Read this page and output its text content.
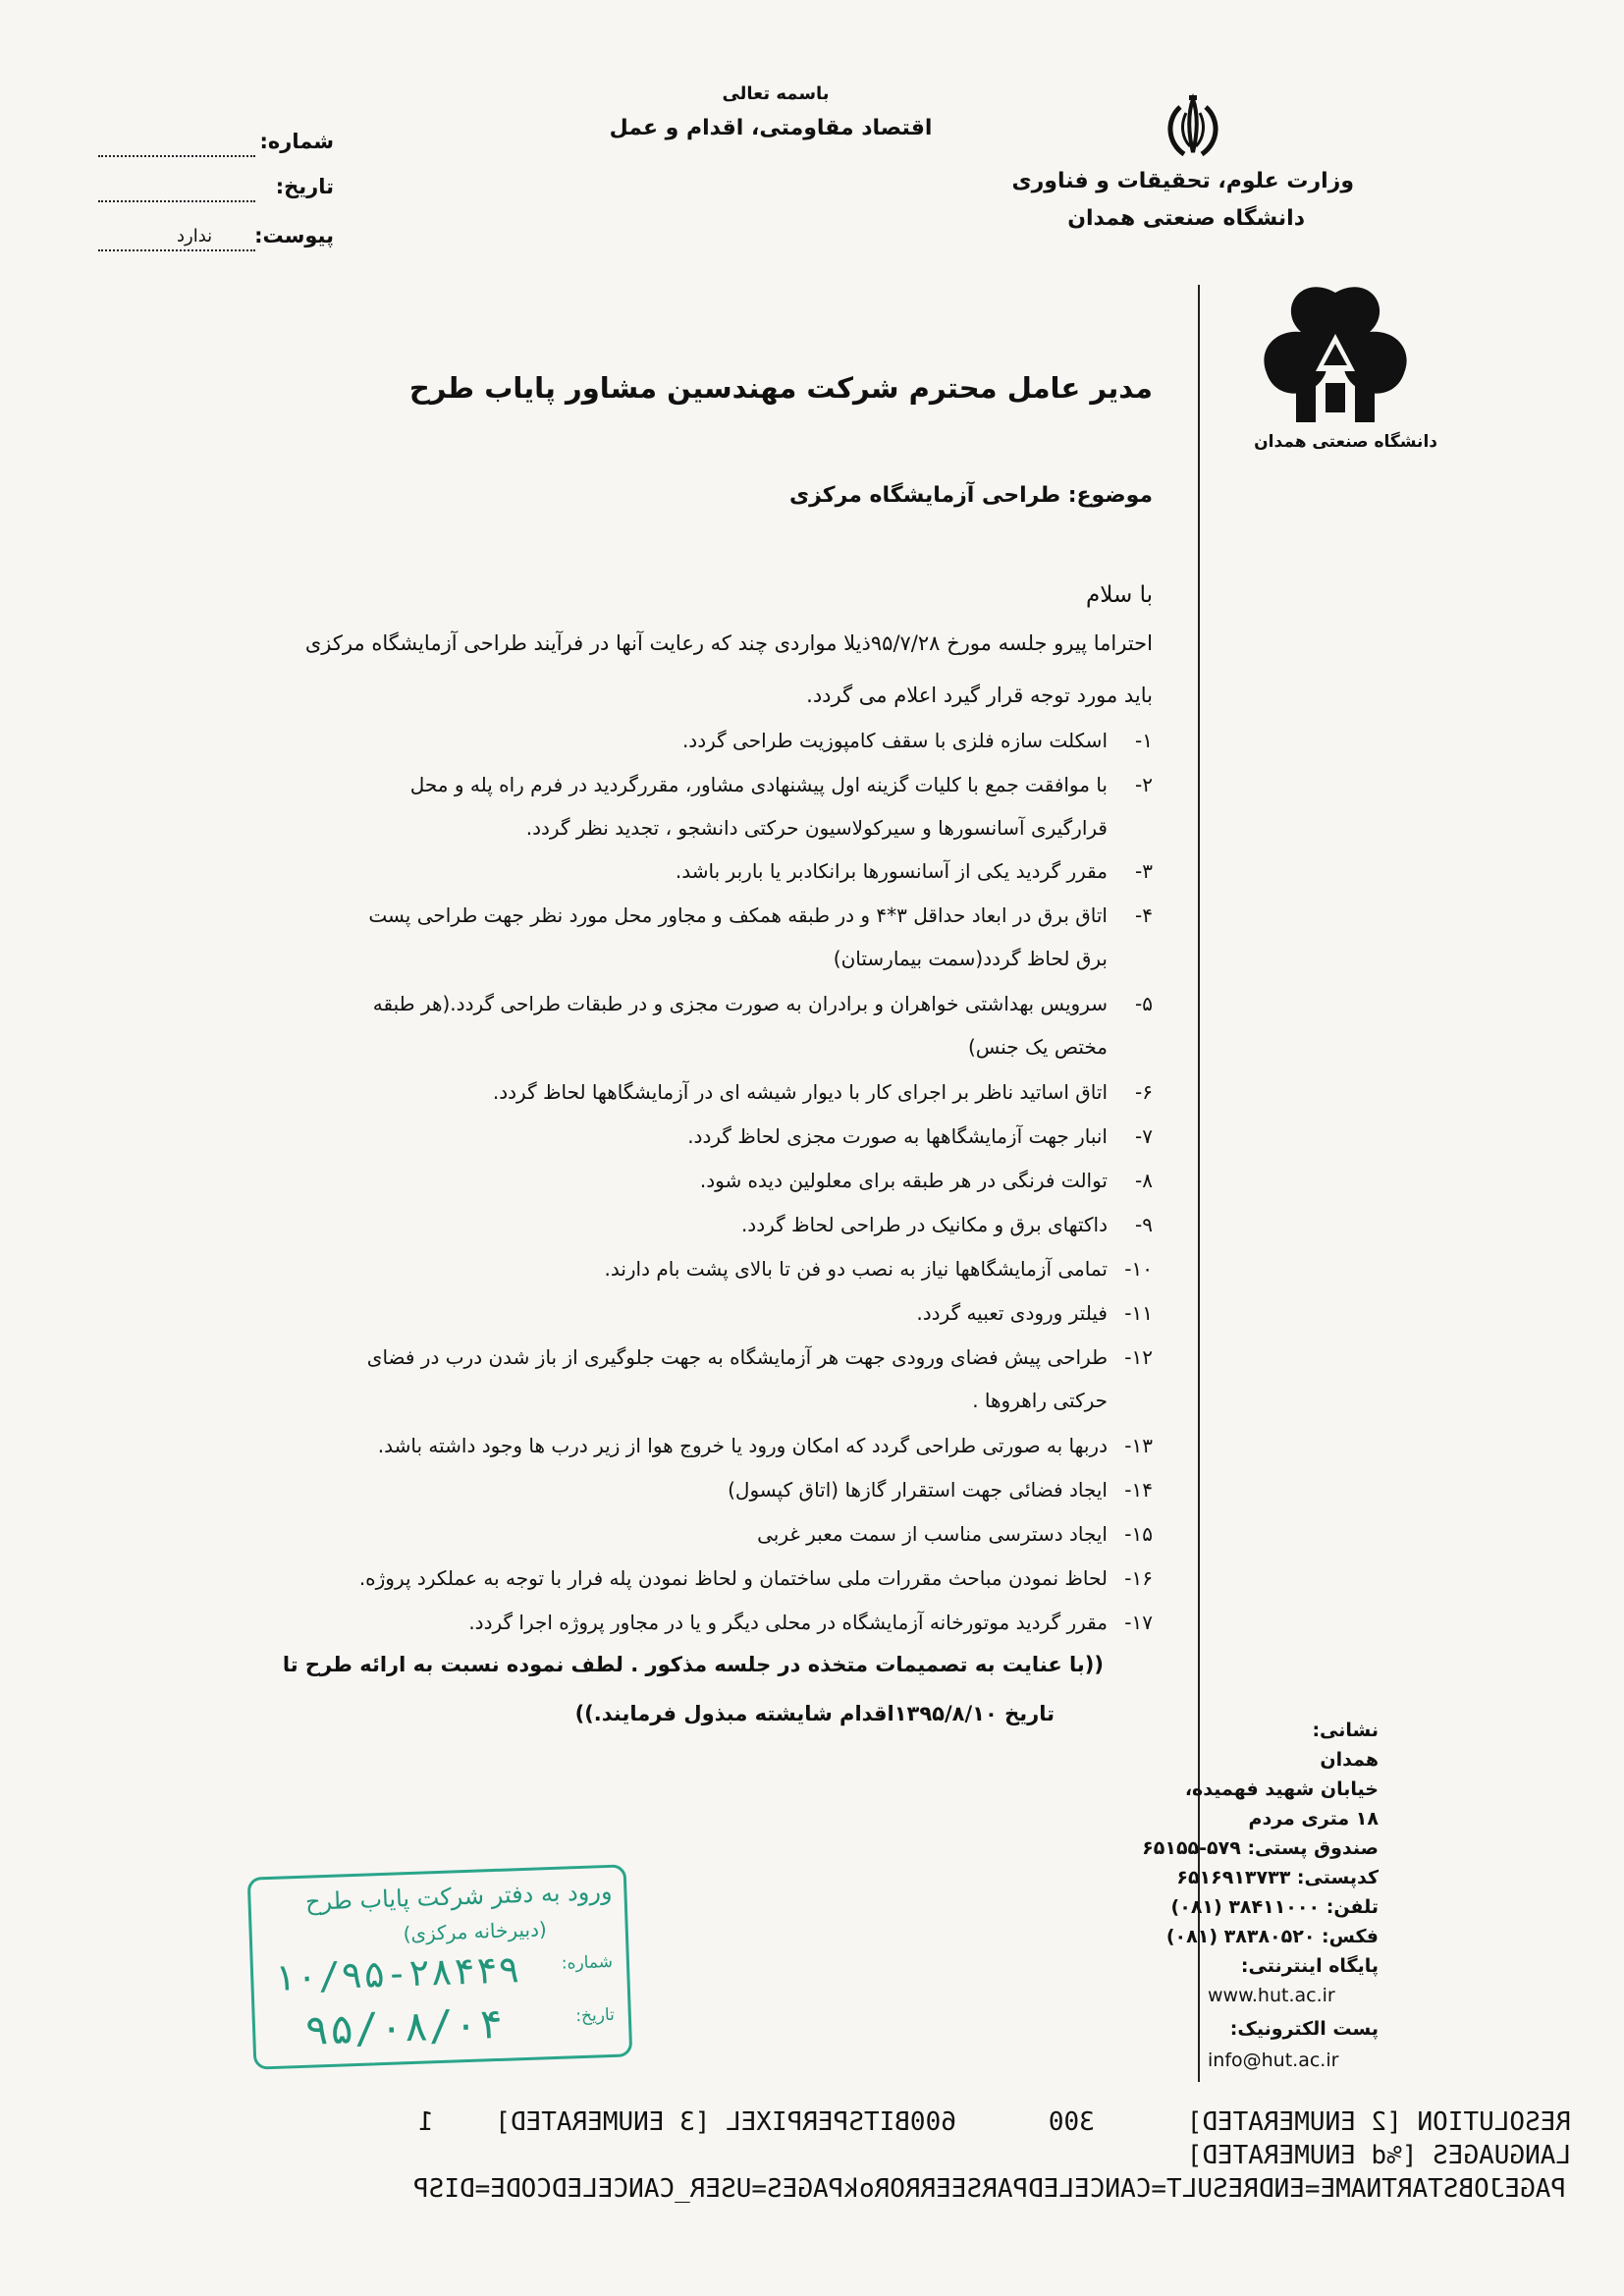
باسمه تعالی
اقتصاد مقاومتی، اقدام و عمل
وزارت علوم، تحقیقات و فناوری
دانشگاه صنعتی همدان
شماره:
تاریخ:
پیوست:
ندارد
دانشگاه صنعتی همدان
مدیر عامل محترم شرکت مهندسین مشاور پایاب طرح
موضوع: طراحی آزمایشگاه مرکزی
با سلام
احتراما پیرو جلسه مورخ ۹۵/۷/۲۸ذیلا مواردی چند که رعایت آنها در فرآیند طراحی آزمایشگاه مرکزی
باید مورد توجه قرار گیرد اعلام می گردد.
۱-اسکلت سازه فلزی با سقف کامپوزیت طراحی گردد.
۲-با موافقت جمع با کلیات گزینه اول پیشنهادی مشاور، مقررگردید در فرم راه پله و محل
قرارگیری آسانسورها و سیرکولاسیون حرکتی دانشجو ، تجدید نظر گردد.
۳-مقرر گردید یکی از آسانسورها برانکادبر یا باربر باشد.
۴-اتاق برق در ابعاد حداقل ۳*۴ و در طبقه همکف و مجاور محل مورد نظر جهت طراحی پست
برق لحاظ گردد(سمت بیمارستان)
۵-سرویس بهداشتی خواهران و برادران به صورت مجزی و در طبقات طراحی گردد.(هر طبقه
مختص یک جنس)
۶-اتاق اساتید ناظر بر اجرای کار با دیوار شیشه ای در آزمایشگاهها لحاظ گردد.
۷-انبار جهت آزمایشگاهها به صورت مجزی لحاظ گردد.
۸-توالت فرنگی در هر طبقه برای معلولین دیده شود.
۹-داکتهای برق و مکانیک در طراحی لحاظ گردد.
۱۰-تمامی آزمایشگاهها نیاز به نصب دو فن تا بالای پشت بام دارند.
۱۱-فیلتر ورودی تعبیه گردد.
۱۲-طراحی پیش فضای ورودی جهت هر آزمایشگاه به جهت جلوگیری از باز شدن درب در فضای
حرکتی راهروها .
۱۳-دربها به صورتی طراحی گردد که امکان ورود یا خروج هوا از زیر درب ها وجود داشته باشد.
۱۴-ایجاد فضائی جهت استقرار گازها (اتاق کپسول)
۱۵-ایجاد دسترسی مناسب از سمت معبر غربی
۱۶-لحاظ نمودن مباحث مقررات ملی ساختمان و لحاظ نمودن پله فرار با توجه به عملکرد پروژه.
۱۷-مقرر گردید موتورخانه آزمایشگاه در محلی دیگر و یا در مجاور پروژه اجرا گردد.
((با عنایت به تصمیمات متخذه در جلسه مذکور . لطف نموده نسبت به ارائه طرح تا
تاریخ ۱۳۹۵/۸/۱۰اقدام شایشته مبذول فرمایند.))
نشانی:
همدان
خیابان شهید فهمیده،
۱۸ متری مردم
صندوق پستی: ۵۷۹-۶۵۱۵۵
کدپستی: ۶۵۱۶۹۱۳۷۳۳
تلفن: ۳۸۴۱۱۰۰۰ (۰۸۱)
فکس: ۳۸۳۸۰۵۲۰ (۰۸۱)
پایگاه اینترنتی:
www.hut.ac.ir
پست الکترونیک:
info@hut.ac.ir
ورود به دفتر شرکت پایاب طرح
(دبیرخانه مرکزی)
شماره:
۱۰/۹۵-۲۸۴۴۹
تاریخ:
۹۵/۰۸/۰۴
RESOLUTION [2 ENUMERATED]      300      600BITSPERPIXEL [3 ENUMERATED]    1
LANGUAGES [%d ENUMERATED]
PAGEJOBSTARTNAME=ENDRESULT=CANCELEDPARSEERRORokPAGES=USER_CANCELEDCODE=DISP
